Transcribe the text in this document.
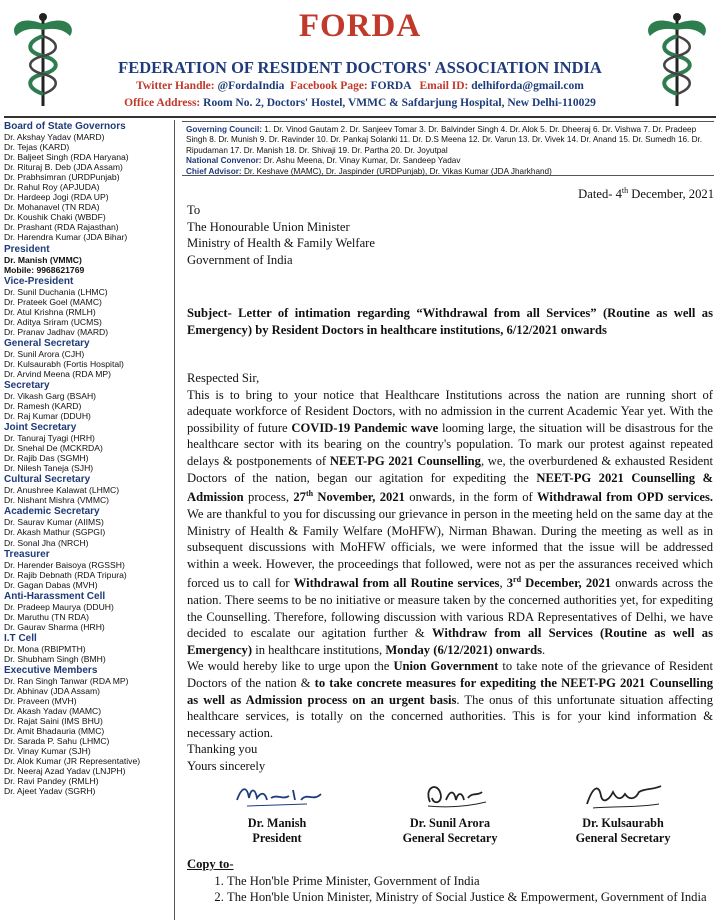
FORDA
FEDERATION OF RESIDENT DOCTORS' ASSOCIATION INDIA
Twitter Handle: @FordaIndia Facebook Page: FORDA Email ID: delhiforda@gmail.com
Office Address: Room No. 2, Doctors' Hostel, VMMC & Safdarjung Hospital, New Delhi-110029
Board of State Governors
Dr. Akshay Yadav (MARD)
Dr. Tejas (KARD)
Dr. Baljeet Singh (RDA Haryana)
Dr. Rituraj B. Deb (JDA Assam)
Dr. Prabhsimran (URDPunjab)
Dr. Rahul Roy (APJUDA)
Dr. Hardeep Jogi (RDA UP)
Dr. Mohanavel (TN RDA)
Dr. Koushik Chaki (WBDF)
Dr. Prashant (RDA Rajasthan)
Dr. Harendra Kumar (JDA Bihar)
President
Dr. Manish (VMMC)
Mobile: 9968621769
Vice-President
Dr. Sunil Duchania (LHMC)
Dr. Prateek Goel (MAMC)
Dr. Atul Krishna (RMLH)
Dr. Aditya Sriram (UCMS)
Dr. Pranav Jadhav (MARD)
General Secretary
Dr. Sunil Arora (CJH)
Dr. Kulsaurabh (Fortis Hospital)
Dr. Arvind Meena (RDA MP)
Secretary
Dr. Vikash Garg (BSAH)
Dr. Ramesh (KARD)
Dr. Raj Kumar (DDUH)
Joint Secretary
Dr. Tanuraj Tyagi (HRH)
Dr. Snehal De (MCKRDA)
Dr. Rajib Das (SGMH)
Dr. Nilesh Taneja (SJH)
Cultural Secretary
Dr. Anushree Kalawat (LHMC)
Dr. Nishant Mishra (VMMC)
Academic Secretary
Dr. Saurav Kumar (AIIMS)
Dr. Akash Mathur (SGPGI)
Dr. Sonal Jha (NRCH)
Treasurer
Dr. Harender Baisoya (RGSSH)
Dr. Rajib Debnath (RDA Tripura)
Dr. Gagan Dabas (MVH)
Anti-Harassment Cell
Dr. Pradeep Maurya (DDUH)
Dr. Maruthu (TN RDA)
Dr. Gaurav Sharma (HRH)
I.T Cell
Dr. Mona (RBIPMTH)
Dr. Shubham Singh (BMH)
Executive Members
Dr. Ran Singh Tanwar (RDA MP)
Dr. Abhinav (JDA Assam)
Dr. Praveen (MVH)
Dr. Akash Yadav (MAMC)
Dr. Rajat Saini (IMS BHU)
Dr. Amit Bhadauria (MMC)
Dr. Sarada P. Sahu (LHMC)
Dr. Vinay Kumar (SJH)
Dr. Alok Kumar (JR Representative)
Dr. Neeraj Azad Yadav (LNJPH)
Dr. Ravi Pandey (RMLH)
Dr. Ajeet Yadav (SGRH)
Governing Council: 1. Dr. Vinod Gautam 2. Dr. Sanjeev Tomar 3. Dr. Balvinder Singh 4. Dr. Alok 5. Dr. Dheeraj 6. Dr. Vishwa 7. Dr. Pradeep Singh 8. Dr. Munish 9. Dr. Ravinder 10. Dr. Pankaj Solanki 11. Dr. D.S Meena 12. Dr. Varun 13. Dr. Vivek 14. Dr. Anand 15. Dr. Sumedh 16. Dr. Ripudaman 17. Dr. Manish 18. Dr. Shivaji 19. Dr. Partha 20. Dr. Joyutpal
National Convenor: Dr. Ashu Meena, Dr. Vinay Kumar, Dr. Sandeep Yadav
Chief Advisor: Dr. Keshave (MAMC), Dr. Jaspinder (URDPunjab), Dr. Vikas Kumar (JDA Jharkhand)
Dated- 4th December, 2021
To
The Honourable Union Minister
Ministry of Health & Family Welfare
Government of India
Subject- Letter of intimation regarding “Withdrawal from all Services” (Routine as well as Emergency) by Resident Doctors in healthcare institutions, 6/12/2021 onwards
Respected Sir,

This is to bring to your notice that Healthcare Institutions across the nation are running short of adequate workforce of Resident Doctors, with no admission in the current Academic Year yet. With the possibility of future COVID-19 Pandemic wave looming large, the situation will be disastrous for the healthcare sector with its bearing on the country's population. To mark our protest against repeated delays & postponements of NEET-PG 2021 Counselling, we, the overburdened & exhausted Resident Doctors of the nation, began our agitation for expediting the NEET-PG 2021 Counselling & Admission process, 27th November, 2021 onwards, in the form of Withdrawal from OPD services. We are thankful to you for discussing our grievance in person in the meeting held on the same day at the Ministry of Health & Family Welfare (MoHFW), Nirman Bhawan. During the meeting as well as in subsequent discussions with MoHFW officials, we were informed that the issue will be addressed within a week. However, the proceedings that followed, were not as per the assurances received which forced us to call for Withdrawal from all Routine services, 3rd December, 2021 onwards across the nation. There seems to be no initiative or measure taken by the concerned authorities yet, for expediting the Counselling. Therefore, following discussion with various RDA Representatives of Delhi, we have decided to escalate our agitation further & Withdraw from all Services (Routine as well as Emergency) in healthcare institutions, Monday (6/12/2021) onwards.

We would hereby like to urge upon the Union Government to take note of the grievance of Resident Doctors of the nation & to take concrete measures for expediting the NEET-PG 2021 Counselling as well as Admission process on an urgent basis. The onus of this unfortunate situation affecting healthcare services, is totally on the concerned authorities. This is for your kind information & necessary action.

Thanking you
Yours sincerely
Dr. Manish
President
Dr. Sunil Arora
General Secretary
Dr. Kulsaurabh
General Secretary
Copy to-
1. The Hon'ble Prime Minister, Government of India
2. The Hon'ble Union Minister, Ministry of Social Justice & Empowerment, Government of India
